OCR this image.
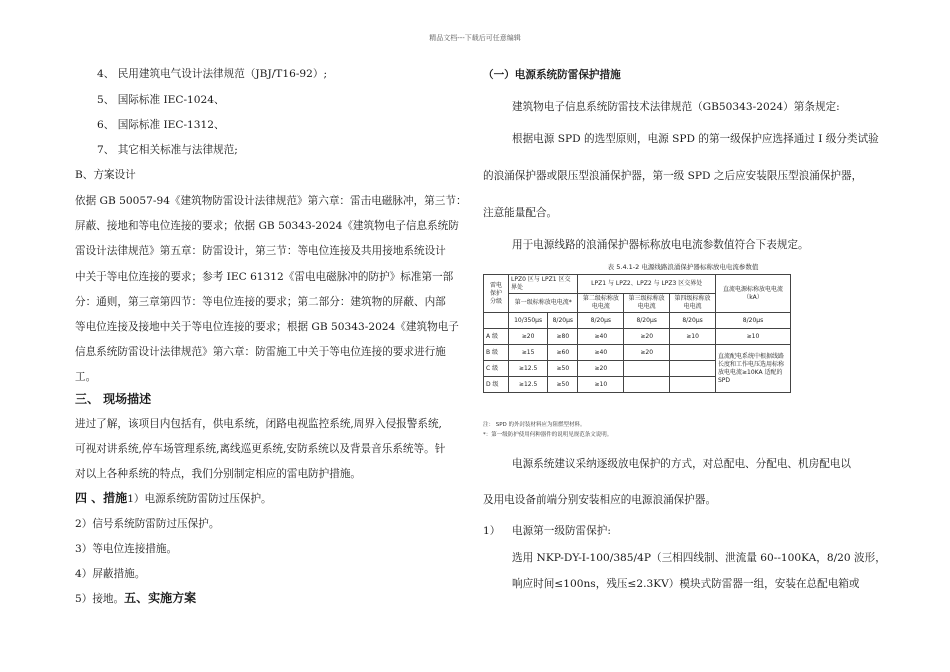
精品文档---下载后可任意编辑
4、 民用建筑电气设计法律规范（JBJ/T16-92）;
5、 国际标准 IEC-1024、
6、 国际标准 IEC-1312、
7、 其它相关标准与法律规范;
B、方案设计
依据 GB 50057-94《建筑物防雷设计法律规范》第六章：雷击电磁脉冲，第三节：
屏蔽、接地和等电位连接的要求；依据 GB 50343-2024《建筑物电子信息系统防
雷设计法律规范》第五章：防雷设计，第三节：等电位连接及共用接地系统设计
中关于等电位连接的要求；参考 IEC 61312《雷电电磁脉冲的防护》标准第一部
分：通则，第三章第四节：等电位连接的要求；第二部分：建筑物的屏蔽、内部
等电位连接及接地中关于等电位连接的要求；根据 GB 50343-2024《建筑物电子
信息系统防雷设计法律规范》第六章：防雷施工中关于等电位连接的要求进行施
工。
三、 现场描述
进过了解，该项目内包括有，供电系统，闭路电视监控系统,周界入侵报警系统,
可视对讲系统,停车场管理系统,离线巡更系统,安防系统以及背景音乐系统等。针
对以上各种系统的特点，我们分别制定相应的雷电防护措施。
四 、措施1）电源系统防雷防过压保护。
2）信号系统防雷防过压保护。
3）等电位连接措施。
4）屏蔽措施。
5）接地。五、实施方案
（一）电源系统防雷保护措施
建筑物电子信息系统防雷技术法律规范（GB50343-2024）第条规定:
根据电源 SPD 的选型原则，电源 SPD 的第一级保护应选择通过 I 级分类试验
的浪涌保护器或限压型浪涌保护器，第一级 SPD 之后应安装限压型浪涌保护器，
注意能量配合。
用于电源线路的浪涌保护器标称放电电流参数值符合下表规定。
电源系统建议采纳逐级放电保护的方式，对总配电、分配电、机房配电以
及用电设备前端分别安装相应的电源浪涌保护器。
1） 电源第一级防雷保护:
选用 NKP-DY-I-100/385/4P（三相四线制、泄流量 60--100KA，8/20 波形，
响应时间≤100ns，残压≤2.3KV）模块式防雷器一组，安装在总配电箱或
表 5.4.1-2 电源线路浪涌保护器标称放电电流参数值
雷电
保护
分级	LPZ0 区与 LPZ1 区交界处		LPZ1 与 LPZ2、LPZ2 与 LPZ3 区交界处			直流电源标称放电电流（kA）
	第一级标称放电电流*		第二级标称放电电流	第三级标称放电电流	第四级标称放电电流	
	10/350μs	8/20μs	8/20μs	8/20μs	8/20μs	8/20μs
A 级	≥20	≥80	≥40	≥20	≥10	≥10
B 级	≥15	≥60	≥40	≥20		直流配电系统中根据线路长度和工作电压选用标称放电电流≥10KA 适配的 SPD
C 级	≥12.5	≥50	≥20			
D 级	≥12.5	≥50	≥10			
注： SPD 的外封装材料应为阻燃型材料。
*：第一级防护使用何种器件的说明见规范条文说明。
